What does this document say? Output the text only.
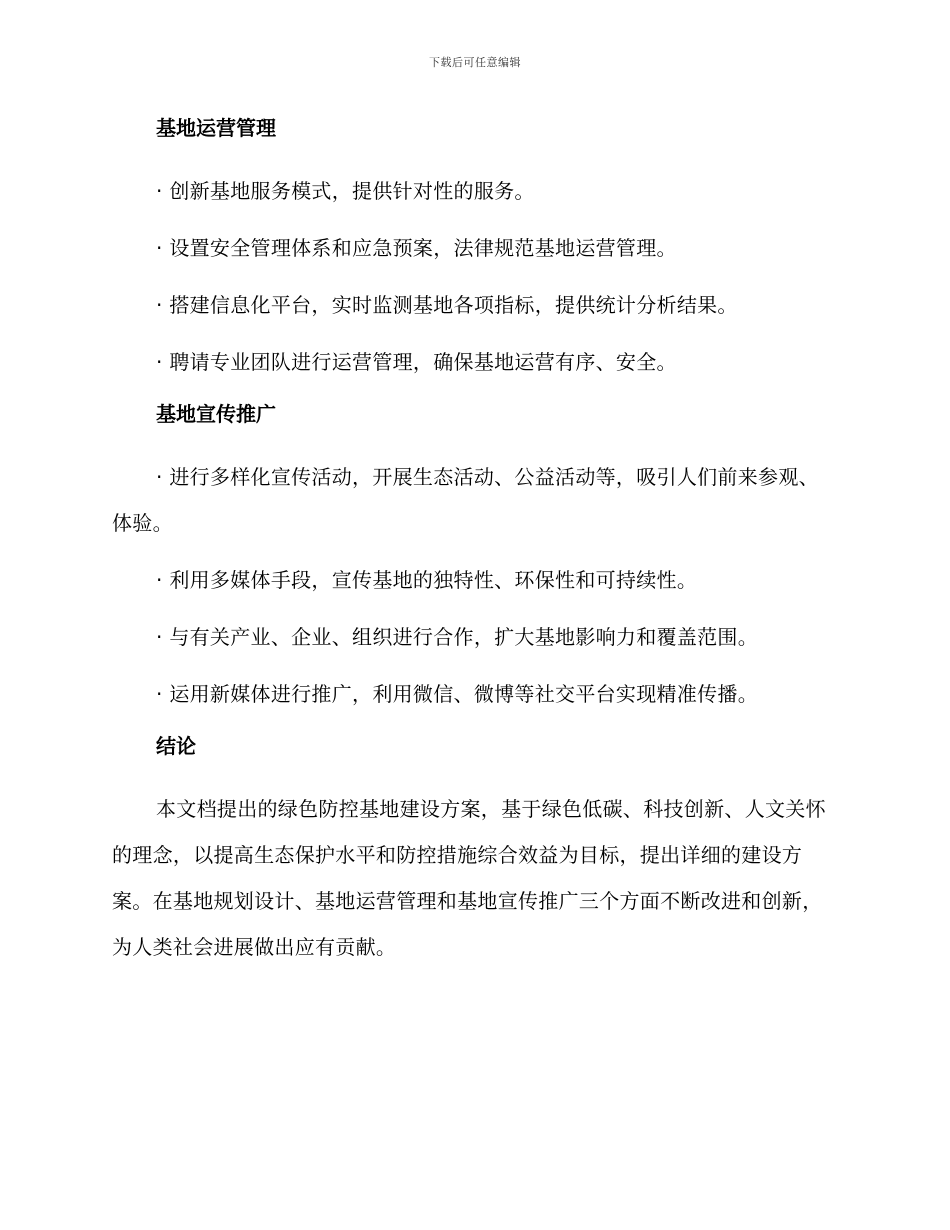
下载后可任意编辑
基地运营管理

· 创新基地服务模式，提供针对性的服务。

· 设置安全管理体系和应急预案，法律规范基地运营管理。

· 搭建信息化平台，实时监测基地各项指标，提供统计分析结果。

· 聘请专业团队进行运营管理，确保基地运营有序、安全。

基地宣传推广

· 进行多样化宣传活动，开展生态活动、公益活动等，吸引人们前来参观、体验。

· 利用多媒体手段，宣传基地的独特性、环保性和可持续性。

· 与有关产业、企业、组织进行合作，扩大基地影响力和覆盖范围。

· 运用新媒体进行推广，利用微信、微博等社交平台实现精准传播。

结论

本文档提出的绿色防控基地建设方案，基于绿色低碳、科技创新、人文关怀的理念，以提高生态保护水平和防控措施综合效益为目标，提出详细的建设方案。在基地规划设计、基地运营管理和基地宣传推广三个方面不断改进和创新，为人类社会进展做出应有贡献。
